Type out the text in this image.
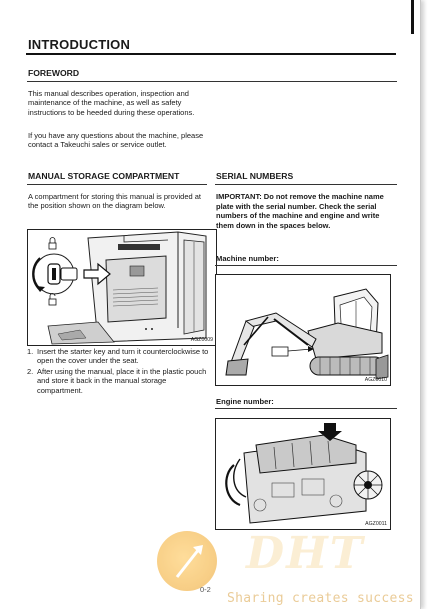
INTRODUCTION
FOREWORD

This manual describes operation, inspection and maintenance of the machine, as well as safety instructions to be heeded during these operations.

If you have any questions about the machine, please contact a Takeuchi sales or service outlet.

MANUAL STORAGE COMPARTMENT

A compartment for storing this manual is provided at the position shown on the diagram below.

AGZ0009
1. Insert the starter key and turn it counterclockwise to open the cover under the seat.
2. After using the manual, place it in the plastic pouch and store it back in the manual storage compartment.
SERIAL NUMBERS

IMPORTANT: Do not remove the machine name plate with the serial number. Check the serial numbers of the machine and engine and write them down in the spaces below.

Machine number:

AGZ0010

Engine number:

AGZ0011
DHT
0-2
Sharing creates success
